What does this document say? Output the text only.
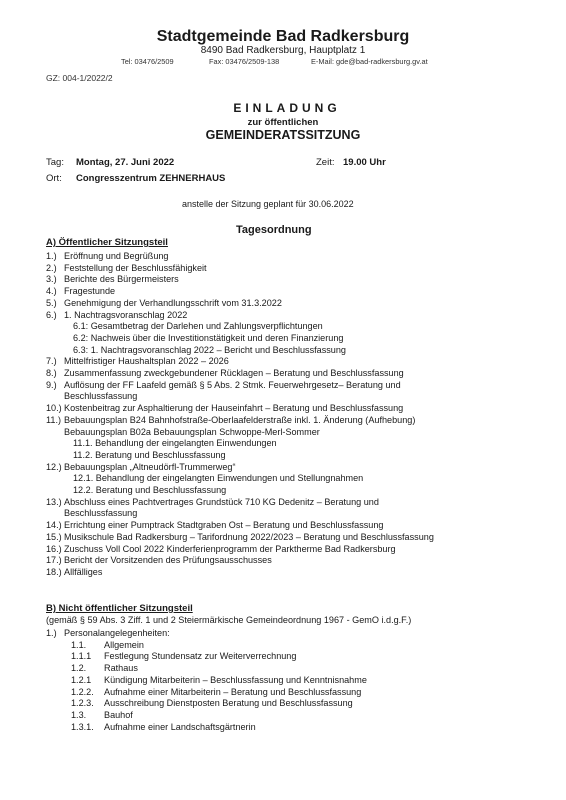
Stadtgemeinde Bad Radkersburg
8490 Bad Radkersburg, Hauptplatz 1
Tel: 03476/2509	Fax: 03476/2509-138	E-Mail: gde@bad-radkersburg.gv.at
GZ: 004-1/2022/2
EINLADUNG
zur öffentlichen
GEMEINDERATSSITZUNG
Tag: Montag, 27. Juni 2022	Zeit: 19.00 Uhr
Ort: Congresszentrum ZEHNERHAUS
anstelle der Sitzung geplant für 30.06.2022
Tagesordnung
A) Öffentlicher Sitzungsteil
1.) Eröffnung und Begrüßung
2.) Feststellung der Beschlussfähigkeit
3.) Berichte des Bürgermeisters
4.) Fragestunde
5.) Genehmigung der Verhandlungsschrift vom 31.3.2022
6.) 1. Nachtragsvoranschlag 2022
6.1: Gesamtbetrag der Darlehen und Zahlungsverpflichtungen
6.2: Nachweis über die Investitionstätigkeit und deren Finanzierung
6.3: 1. Nachtragsvoranschlag 2022 – Bericht und Beschlussfassung
7.) Mittelfristiger Haushaltsplan 2022 – 2026
8.) Zusammenfassung zweckgebundener Rücklagen – Beratung und Beschlussfassung
9.) Auflösung der FF Laafeld gemäß § 5 Abs. 2 Stmk. Feuerwehrgesetz– Beratung und
Beschlussfassung
10.) Kostenbeitrag zur Asphaltierung der Hauseinfahrt – Beratung und Beschlussfassung
11.) Bebauungsplan B24 Bahnhofstraße-Oberlaafelderstraße inkl. 1. Änderung (Aufhebung)
Bebauungsplan B02a Bebauungsplan Schwoppe-Merl-Sommer
11.1. Behandlung der eingelangten Einwendungen
11.2. Beratung und Beschlussfassung
12.) Bebauungsplan „Altneudörfl-Trummerweg“
12.1. Behandlung der eingelangten Einwendungen und Stellungnahmen
12.2. Beratung und Beschlussfassung
13.) Abschluss eines Pachtvertrages Grundstück 710 KG Dedenitz – Beratung und
Beschlussfassung
14.) Errichtung einer Pumptrack Stadtgraben Ost – Beratung und Beschlussfassung
15.) Musikschule Bad Radkersburg – Tarifordnung 2022/2023 – Beratung und Beschlussfassung
16.) Zuschuss Voll Cool 2022 Kinderferienprogramm der Parktherme Bad Radkersburg
17.) Bericht der Vorsitzenden des Prüfungsausschusses
18.) Allfälliges
B) Nicht öffentlicher Sitzungsteil
(gemäß § 59 Abs. 3 Ziff. 1 und 2 Steiermärkische Gemeindeordnung 1967 - GemO i.d.g.F.)
1.) Personalangelegenheiten:
1.1. Allgemein
1.1.1 Festlegung Stundensatz zur Weiterverrechnung
1.2. Rathaus
1.2.1 Kündigung Mitarbeiterin – Beschlussfassung und Kenntnisnahme
1.2.2. Aufnahme einer Mitarbeiterin – Beratung und Beschlussfassung
1.2.3. Ausschreibung Dienstposten Beratung und Beschlussfassung
1.3. Bauhof
1.3.1. Aufnahme einer Landschaftsgärtnerin
